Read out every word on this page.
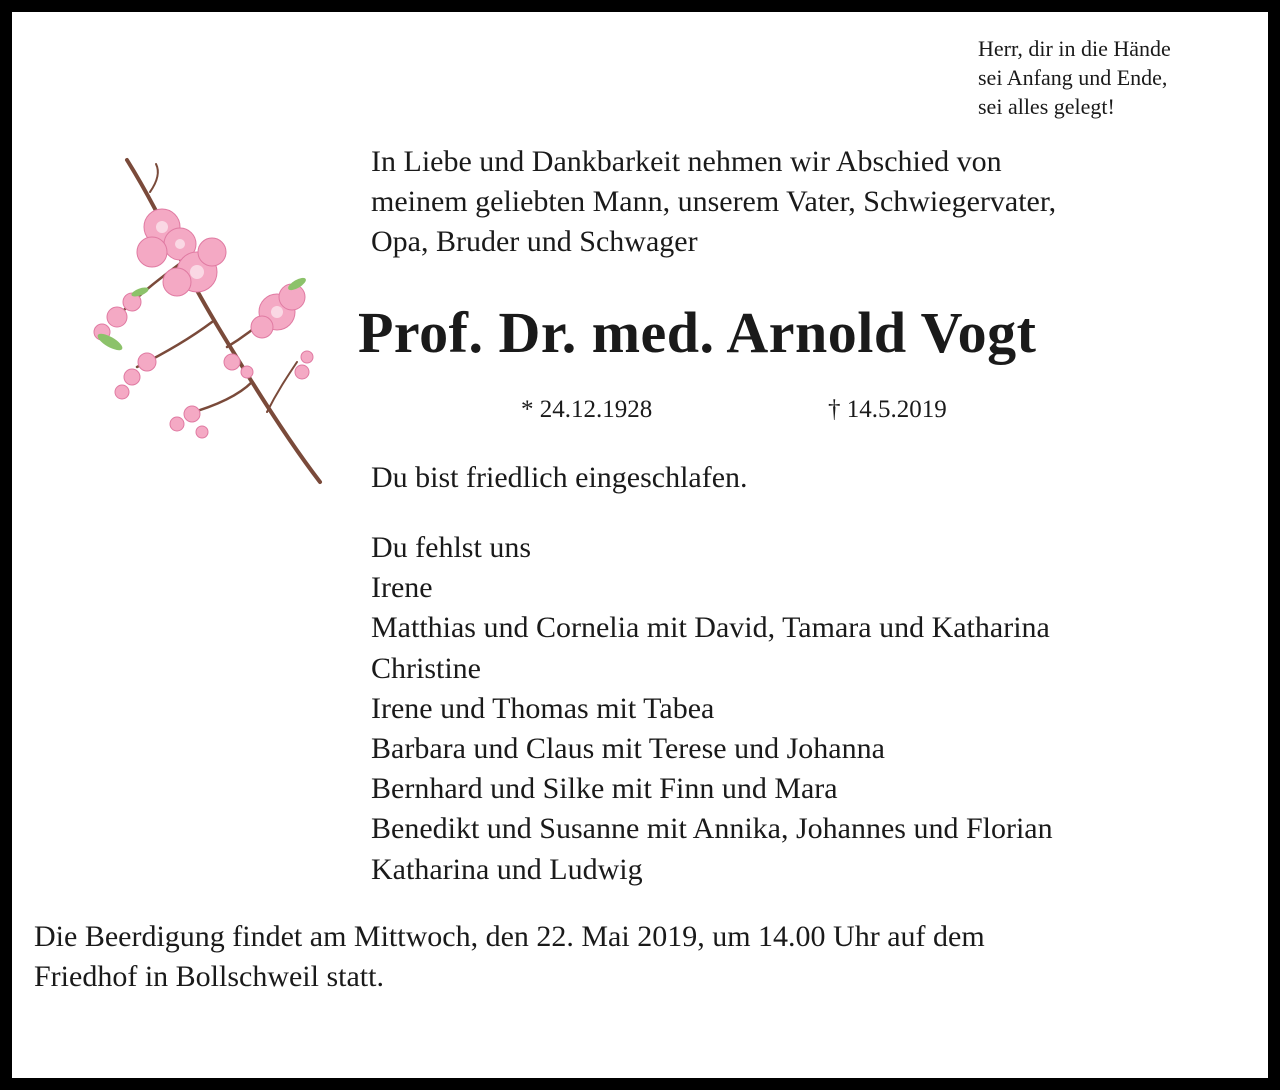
Herr, dir in die Hände
sei Anfang und Ende,
sei alles gelegt!
In Liebe und Dankbarkeit nehmen wir Abschied von
meinem geliebten Mann, unserem Vater, Schwiegervater,
Opa, Bruder und Schwager
Prof. Dr. med. Arnold Vogt
* 24.12.1928	† 14.5.2019
Du bist friedlich eingeschlafen.
Du fehlst uns
Irene
Matthias und Cornelia mit David, Tamara und Katharina
Christine
Irene und Thomas mit Tabea
Barbara und Claus mit Terese und Johanna
Bernhard und Silke mit Finn und Mara
Benedikt und Susanne mit Annika, Johannes und Florian
Katharina und Ludwig
Die Beerdigung findet am Mittwoch, den 22. Mai 2019, um 14.00 Uhr auf dem
Friedhof in Bollschweil statt.
